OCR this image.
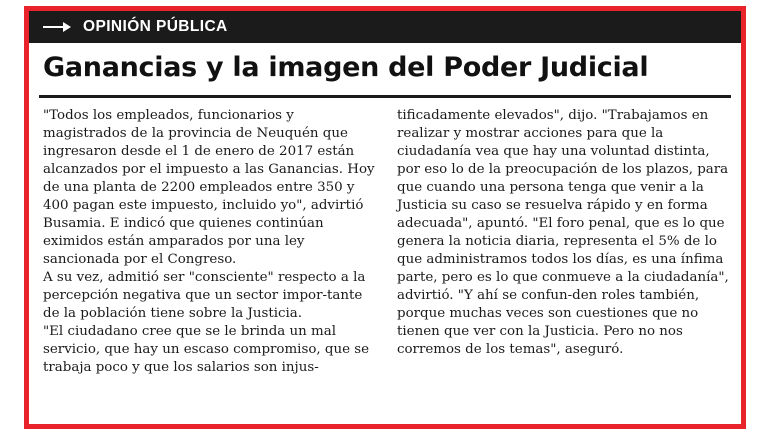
OPINIÓN PÚBLICA
Ganancias y la imagen del Poder Judicial

"Todos los empleados, funcionarios y magistrados de la provincia de Neuquén que ingresaron desde el 1 de enero de 2017 están alcanzados por el impuesto a las Ganancias. Hoy de una planta de 2200 empleados entre 350 y 400 pagan este impuesto, incluido yo", advirtió Busamia. E indicó que quienes continúan eximidos están amparados por una ley sancionada por el Congreso.

A su vez, admitió ser "consciente" respecto a la percepción negativa que un sector impor-tante de la población tiene sobre la Justicia.

"El ciudadano cree que se le brinda un mal servicio, que hay un escaso compromiso, que se trabaja poco y que los salarios son injus-

tificadamente elevados", dijo. "Trabajamos en realizar y mostrar acciones para que la ciudadanía vea que hay una voluntad distinta, por eso lo de la preocupación de los plazos, para que cuando una persona tenga que venir a la Justicia su caso se resuelva rápido y en forma adecuada", apuntó. "El foro penal, que es lo que genera la noticia diaria, representa el 5% de lo que administramos todos los días, es una ínfima parte, pero es lo que conmueve a la ciudadanía", advirtió. "Y ahí se confun-den roles también, porque muchas veces son cuestiones que no tienen que ver con la Justicia. Pero no nos corremos de los temas", aseguró.
